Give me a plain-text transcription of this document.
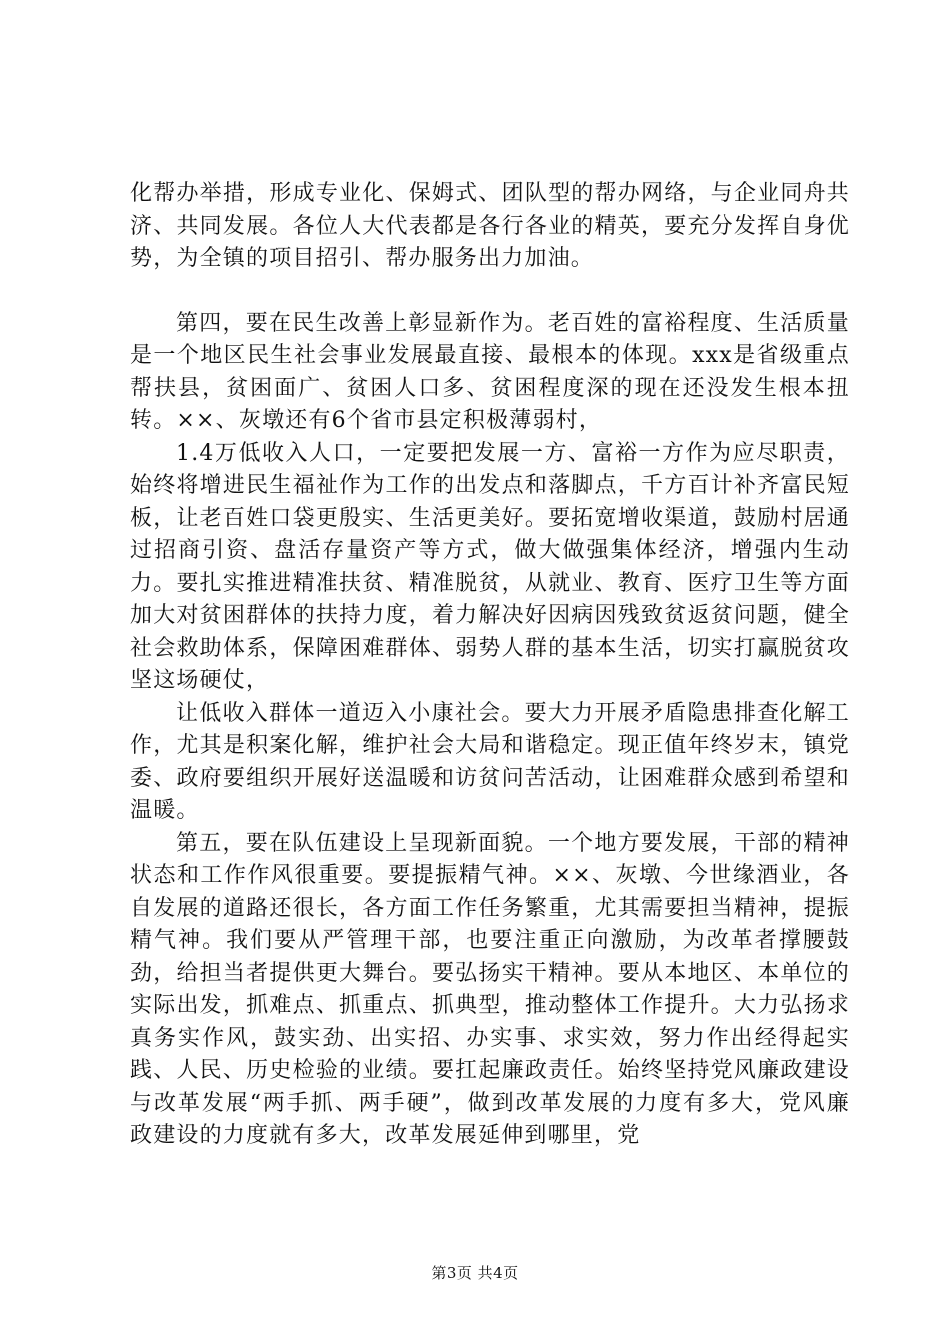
化帮办举措，形成专业化、保姆式、团队型的帮办网络，与企业同舟共济、共同发展。各位人大代表都是各行各业的精英，要充分发挥自身优势，为全镇的项目招引、帮办服务出力加油。

第四，要在民生改善上彰显新作为。老百姓的富裕程度、生活质量是一个地区民生社会事业发展最直接、最根本的体现。xxx是省级重点帮扶县，贫困面广、贫困人口多、贫困程度深的现在还没发生根本扭转。××、灰墩还有6个省市县定积极薄弱村，

1.4万低收入人口，一定要把发展一方、富裕一方作为应尽职责，始终将增进民生福祉作为工作的出发点和落脚点，千方百计补齐富民短板，让老百姓口袋更殷实、生活更美好。要拓宽增收渠道，鼓励村居通过招商引资、盘活存量资产等方式，做大做强集体经济，增强内生动力。要扎实推进精准扶贫、精准脱贫，从就业、教育、医疗卫生等方面加大对贫困群体的扶持力度，着力解决好因病因残致贫返贫问题，健全社会救助体系，保障困难群体、弱势人群的基本生活，切实打赢脱贫攻坚这场硬仗，

让低收入群体一道迈入小康社会。要大力开展矛盾隐患排查化解工作，尤其是积案化解，维护社会大局和谐稳定。现正值年终岁末，镇党委、政府要组织开展好送温暖和访贫问苦活动，让困难群众感到希望和温暖。

第五，要在队伍建设上呈现新面貌。一个地方要发展，干部的精神状态和工作作风很重要。要提振精气神。××、灰墩、今世缘酒业，各自发展的道路还很长，各方面工作任务繁重，尤其需要担当精神，提振精气神。我们要从严管理干部，也要注重正向激励，为改革者撑腰鼓劲，给担当者提供更大舞台。要弘扬实干精神。要从本地区、本单位的实际出发，抓难点、抓重点、抓典型，推动整体工作提升。大力弘扬求真务实作风，鼓实劲、出实招、办实事、求实效，努力作出经得起实践、人民、历史检验的业绩。要扛起廉政责任。始终坚持党风廉政建设与改革发展“两手抓、两手硬”，做到改革发展的力度有多大，党风廉政建设的力度就有多大，改革发展延伸到哪里，党

第3页 共4页
